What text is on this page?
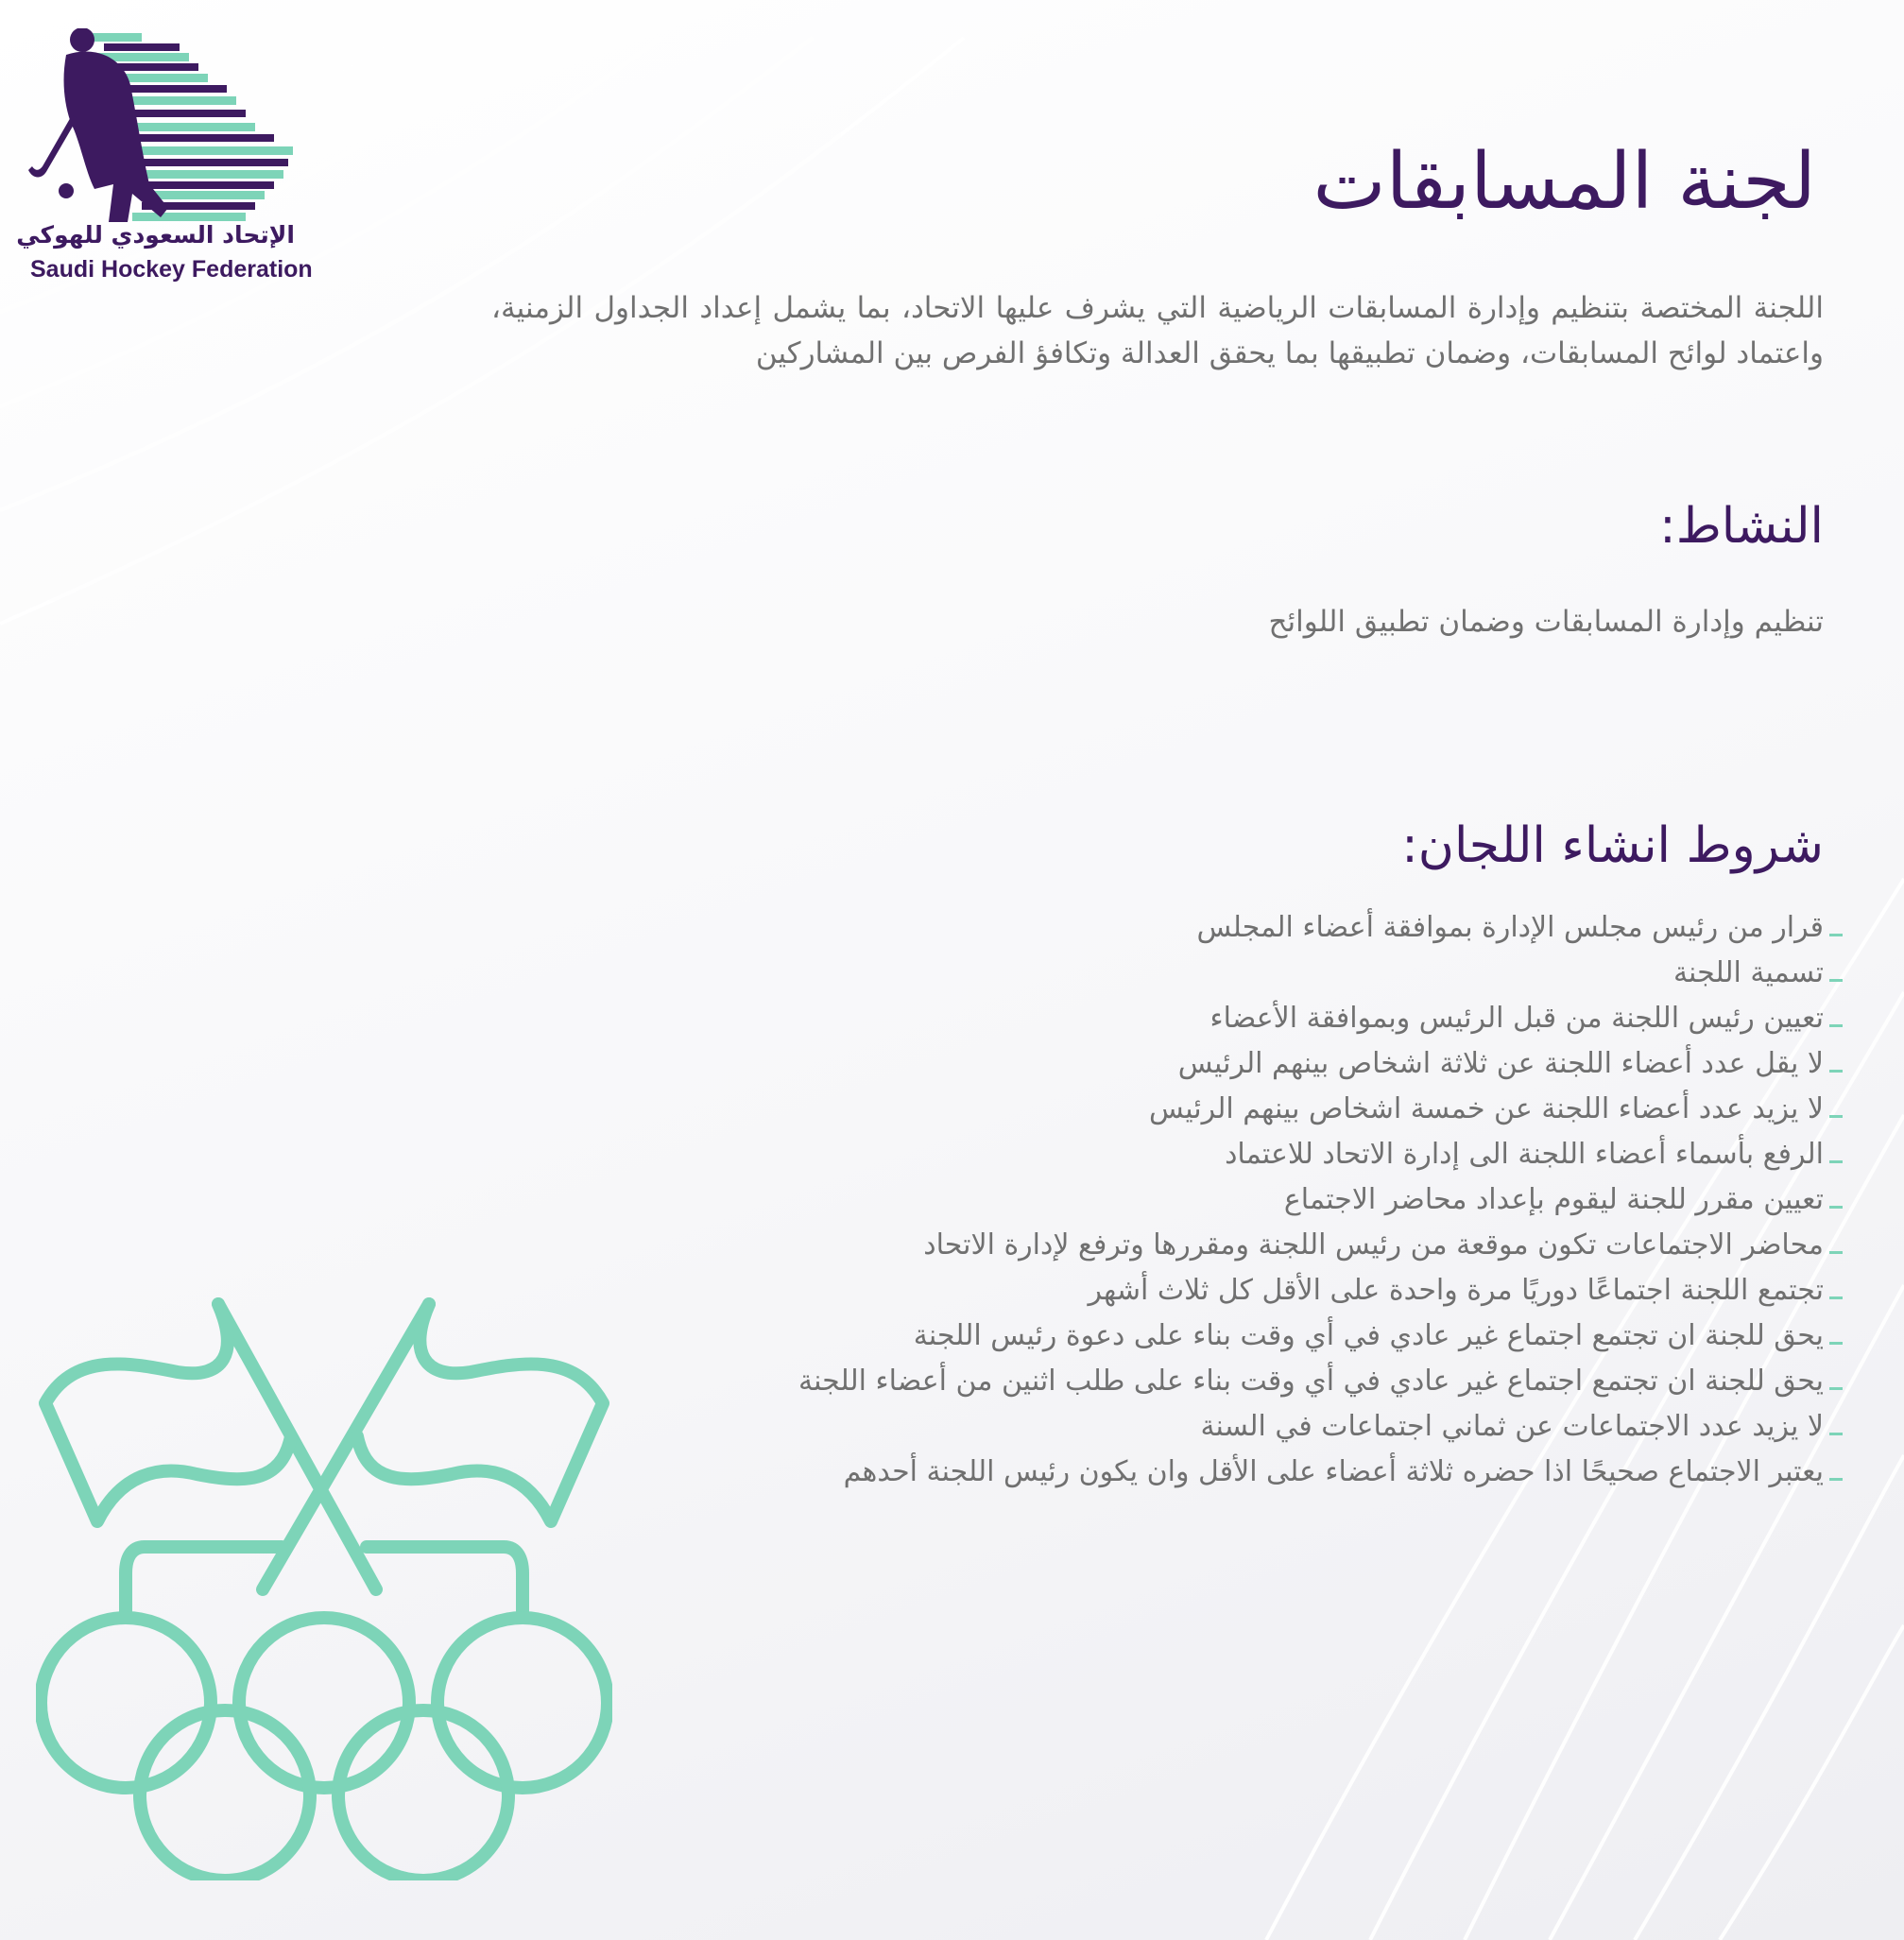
الإتحاد السعودي للهوكي
Saudi Hockey Federation
لجنة المسابقات

اللجنة المختصة بتنظيم وإدارة المسابقات الرياضية التي يشرف عليها الاتحاد، بما يشمل إعداد الجداول الزمنية، واعتماد لوائح المسابقات، وضمان تطبيقها بما يحقق العدالة وتكافؤ الفرص بين المشاركين

النشاط:

تنظيم وإدارة المسابقات وضمان تطبيق اللوائح

شروط انشاء اللجان:
قرار من رئيس مجلس الإدارة بموافقة أعضاء المجلس
تسمية اللجنة
تعيين رئيس اللجنة من قبل الرئيس وبموافقة الأعضاء
لا يقل عدد أعضاء اللجنة عن ثلاثة اشخاص بينهم الرئيس
لا يزيد عدد أعضاء اللجنة عن خمسة اشخاص بينهم الرئيس
الرفع بأسماء أعضاء اللجنة الى إدارة الاتحاد للاعتماد
تعيين مقرر للجنة ليقوم بإعداد محاضر الاجتماع
محاضر الاجتماعات تكون موقعة من رئيس اللجنة ومقررها وترفع لإدارة الاتحاد
تجتمع اللجنة اجتماعًا دوريًا مرة واحدة على الأقل كل ثلاث أشهر
يحق للجنة ان تجتمع اجتماع غير عادي في أي وقت بناء على دعوة رئيس اللجنة
يحق للجنة ان تجتمع اجتماع غير عادي في أي وقت بناء على طلب اثنين من أعضاء اللجنة
لا يزيد عدد الاجتماعات عن ثماني اجتماعات في السنة
يعتبر الاجتماع صحيحًا اذا حضره ثلاثة أعضاء على الأقل وان يكون رئيس اللجنة أحدهم
